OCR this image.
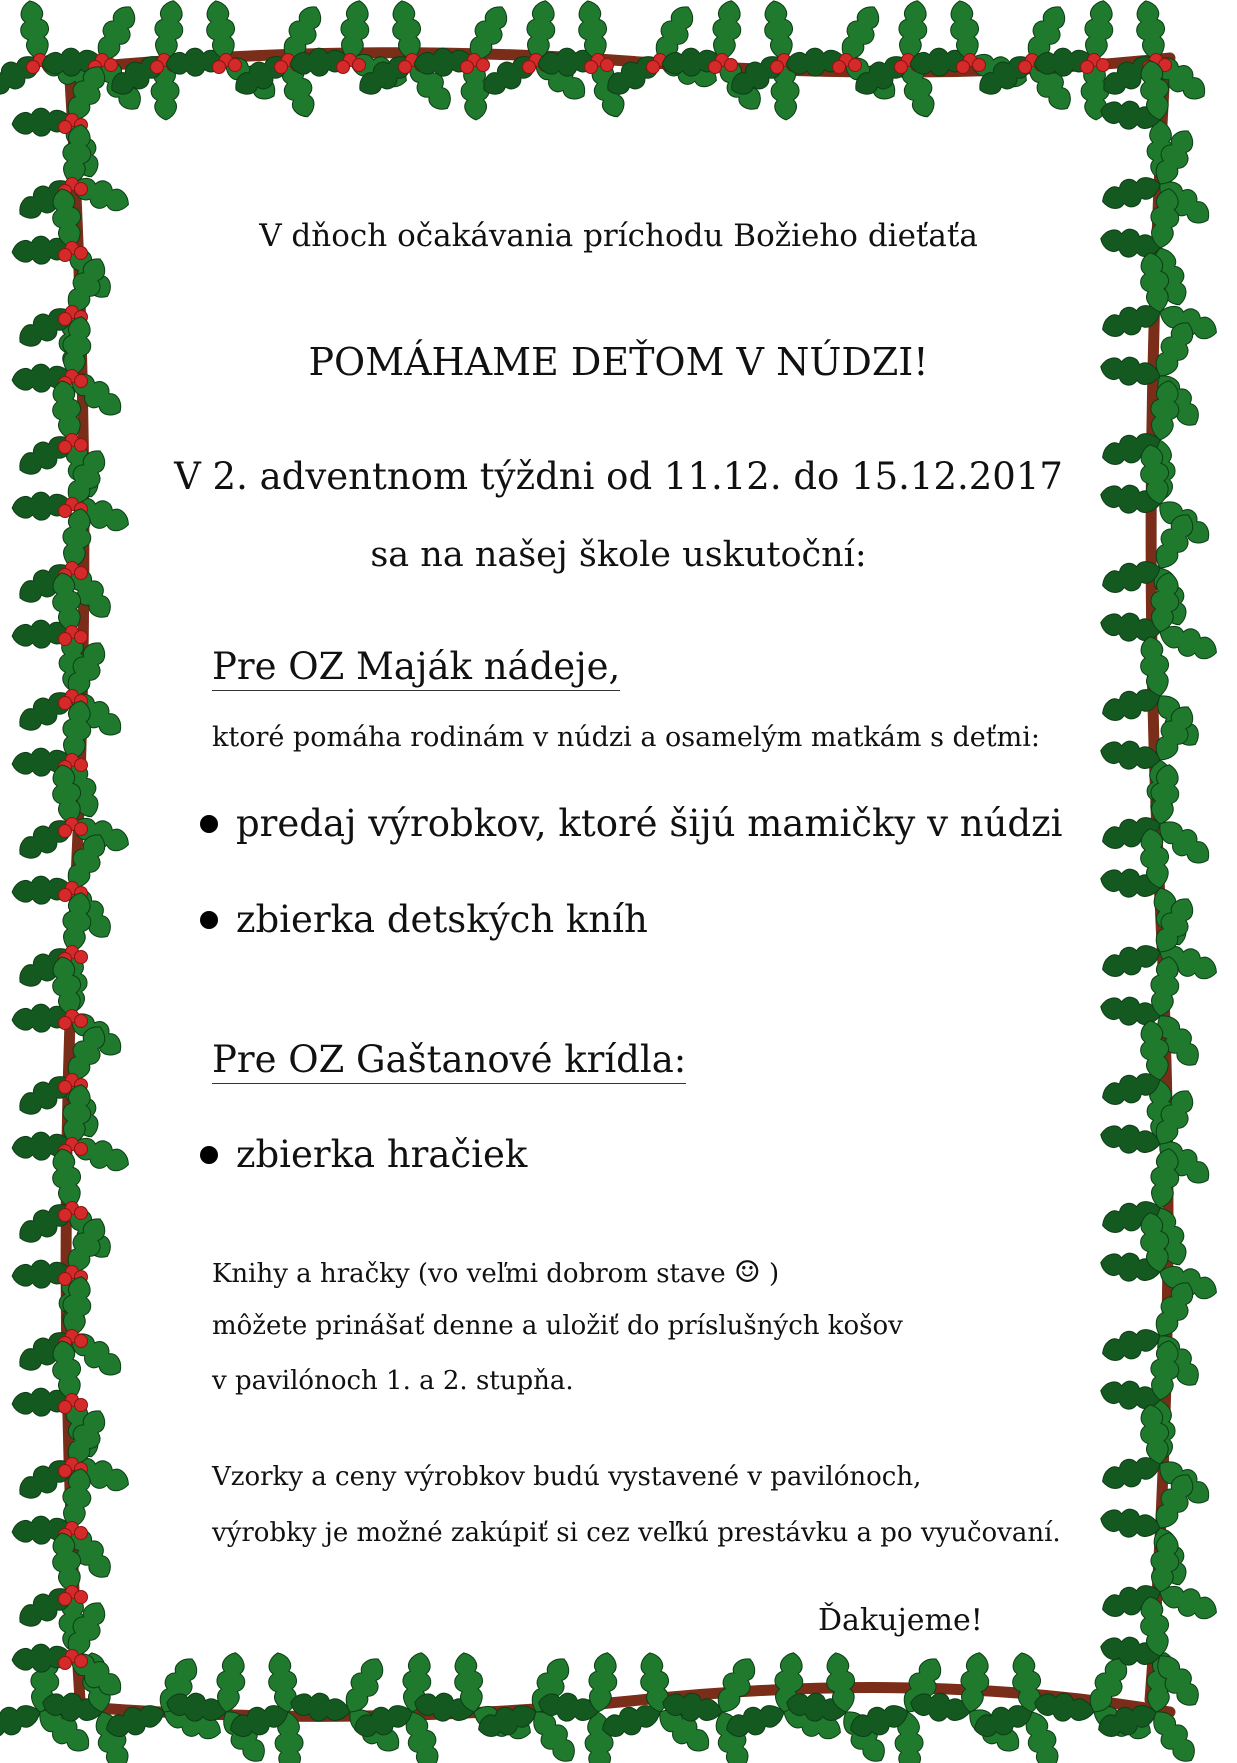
V dňoch očakávania príchodu Božieho dieťaťa
POMÁHAME DEŤOM V NÚDZI!
V 2. adventnom týždni od 11.12. do 15.12.2017
sa na našej škole uskutoční:
Pre OZ Maják nádeje,
ktoré pomáha rodinám v núdzi a osamelým matkám s deťmi:
predaj výrobkov, ktoré šijú mamičky v núdzi
zbierka detských kníh
Pre OZ Gaštanové krídla:
zbierka hračiek
Knihy a hračky (vo veľmi dobrom stave ☺ )
môžete prinášať denne a uložiť do príslušných košov
v pavilónoch 1. a 2. stupňa.
Vzorky a ceny výrobkov budú vystavené v pavilónoch,
výrobky je možné zakúpiť si cez veľkú prestávku a po vyučovaní.
Ďakujeme!
